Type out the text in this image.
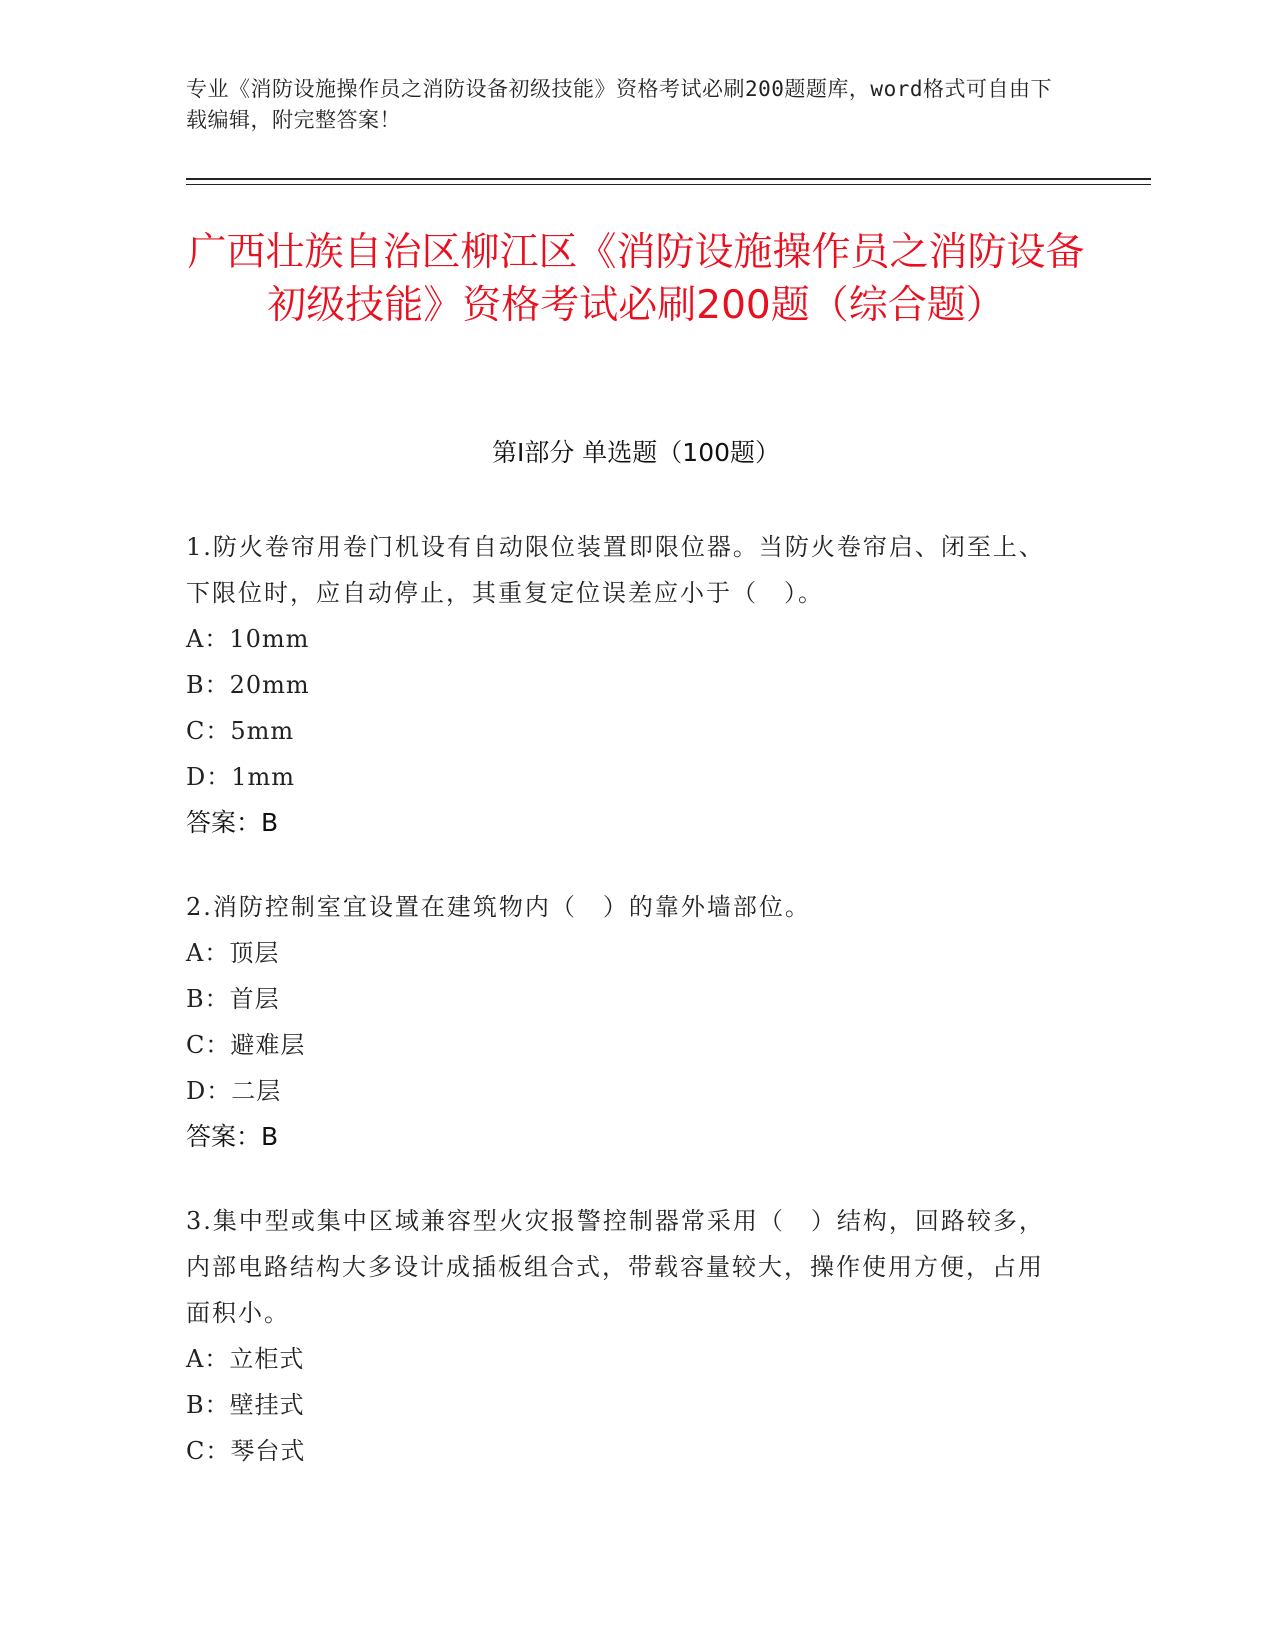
专业《消防设施操作员之消防设备初级技能》资格考试必刷200题题库，word格式可自由下载编辑，附完整答案！
广西壮族自治区柳江区《消防设施操作员之消防设备初级技能》资格考试必刷200题（综合题）
第I部分 单选题（100题）

1.防火卷帘用卷门机设有自动限位装置即限位器。当防火卷帘启、闭至上、下限位时，应自动停止，其重复定位误差应小于（　）。

A：10mm

B：20mm

C：5mm

D：1mm

答案：B

2.消防控制室宜设置在建筑物内（　）的靠外墙部位。

A：顶层

B：首层

C：避难层

D：二层

答案：B

3.集中型或集中区域兼容型火灾报警控制器常采用（　）结构，回路较多，内部电路结构大多设计成插板组合式，带载容量较大，操作使用方便，占用面积小。

A：立柜式

B：壁挂式

C：琴台式
